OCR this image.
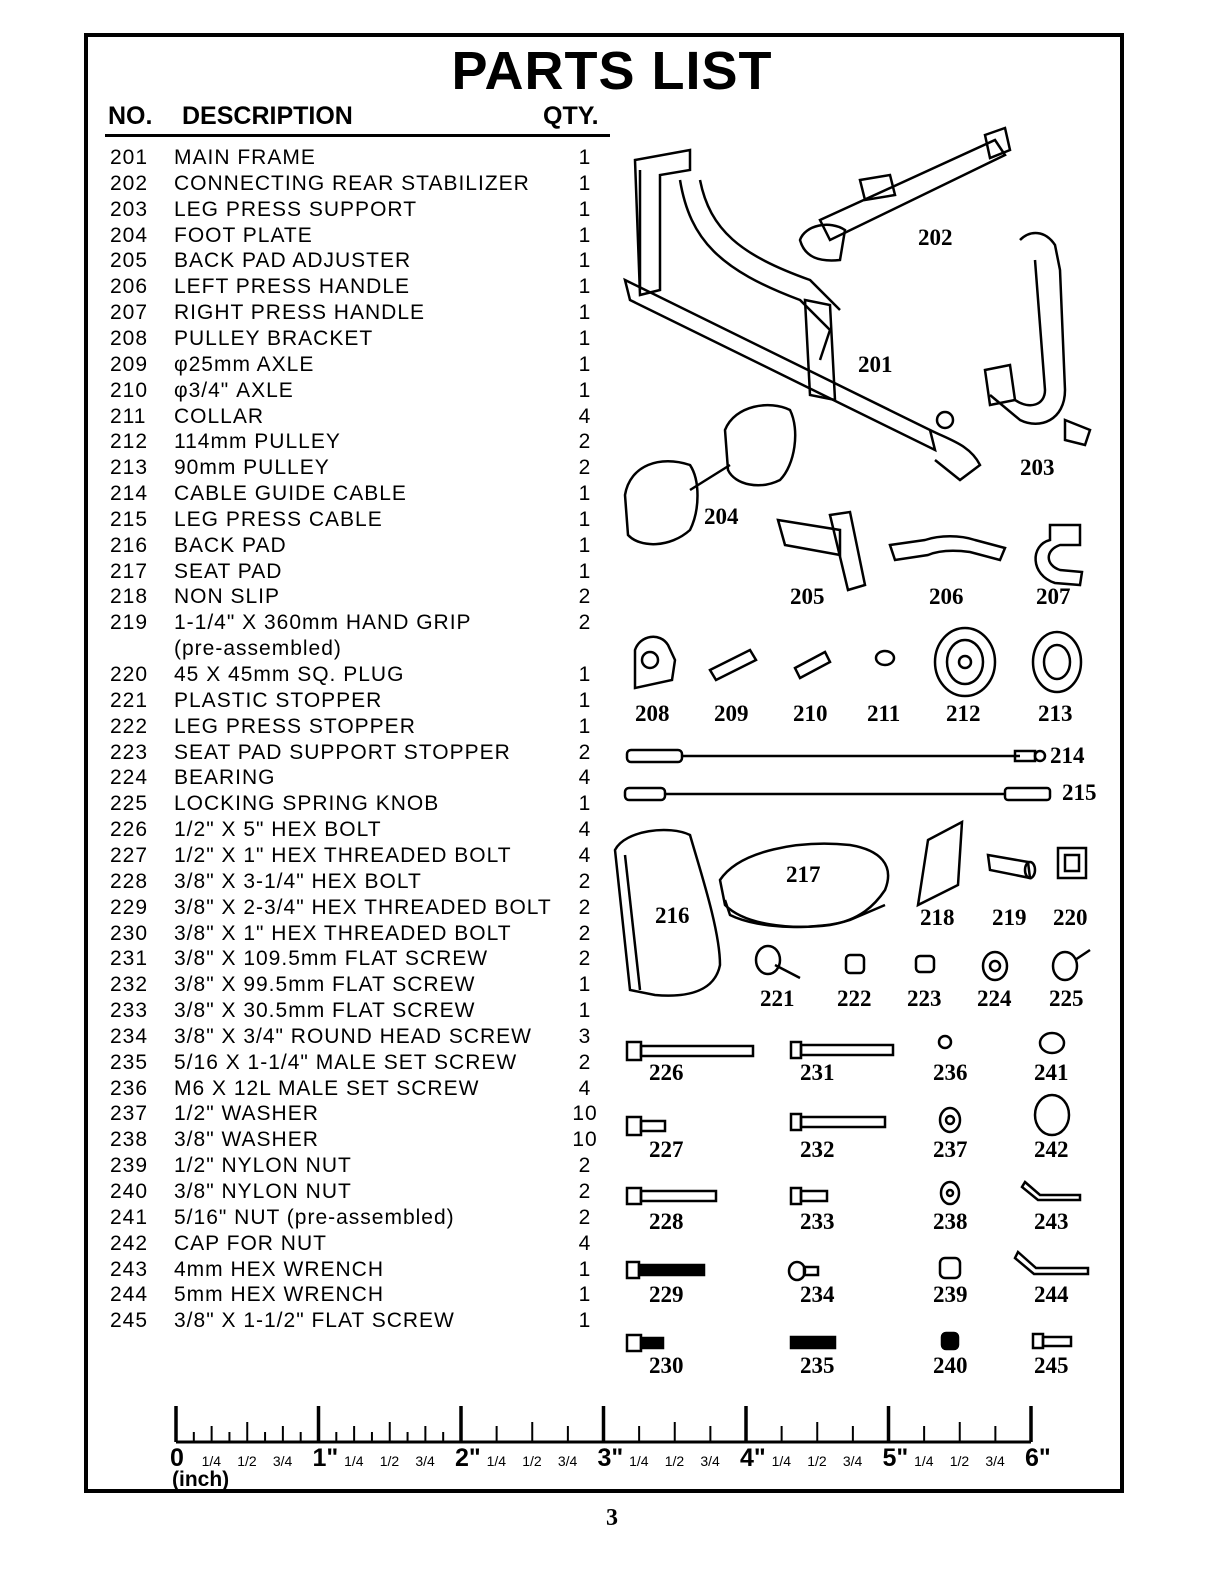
PARTS LIST
NO. DESCRIPTION	QTY.
201 MAIN FRAME	1
202 CONNECTING REAR STABILIZER	1
203 LEG PRESS SUPPORT	1
204 FOOT PLATE	1
205 BACK PAD ADJUSTER	1
206 LEFT PRESS HANDLE	1
207 RIGHT PRESS HANDLE	1
208 PULLEY BRACKET	1
209 φ25mm AXLE	1
210 φ3/4" AXLE	1
211 COLLAR	4
212 114mm PULLEY	2
213 90mm PULLEY	2
214 CABLE GUIDE CABLE	1
215 LEG PRESS CABLE	1
216 BACK PAD	1
217 SEAT PAD	1
218 NON SLIP	2
219 1-1/4" X 360mm HAND GRIP	2
(pre-assembled)
220 45 X 45mm SQ. PLUG	1
221 PLASTIC STOPPER	1
222 LEG PRESS STOPPER	1
223 SEAT PAD SUPPORT STOPPER	2
224 BEARING	4
225 LOCKING SPRING KNOB	1
226 1/2" X 5" HEX BOLT	4
227 1/2" X 1" HEX THREADED BOLT	4
228 3/8" X 3-1/4" HEX BOLT	2
229 3/8" X 2-3/4" HEX THREADED BOLT	2
230 3/8" X 1" HEX THREADED BOLT	2
231 3/8" X 109.5mm FLAT SCREW	2
232 3/8" X 99.5mm FLAT SCREW	1
233 3/8" X 30.5mm FLAT SCREW	1
234 3/8" X 3/4" ROUND HEAD SCREW	3
235 5/16 X 1-1/4" MALE SET SCREW	2
236 M6 X 12L MALE SET SCREW	4
237 1/2" WASHER	10
238 3/8" WASHER	10
239 1/2" NYLON NUT	2
240 3/8" NYLON NUT	2
241 5/16" NUT (pre-assembled)	2
242 CAP FOR NUT	4
243 4mm HEX WRENCH	1
244 5mm HEX WRENCH	1
245 3/8" X 1-1/2" FLAT SCREW	1
202
201
203
204
205	206	207
208 209 210 211 212	213
214
215
216
217
218 219 220
221 222 223 224 225
226	231	236	241
227	232	237	242
228	233	238	243
229	234	239	244
230	235	240	245
0 1/4 1/2 3/4 1" 1/4 1/2 3/4 2" 1/4 1/2 3/4 3" 1/4 1/2 3/4 4" 1/4 1/2 3/4 5" 1/4 1/2 3/4 6"
(inch)
3
